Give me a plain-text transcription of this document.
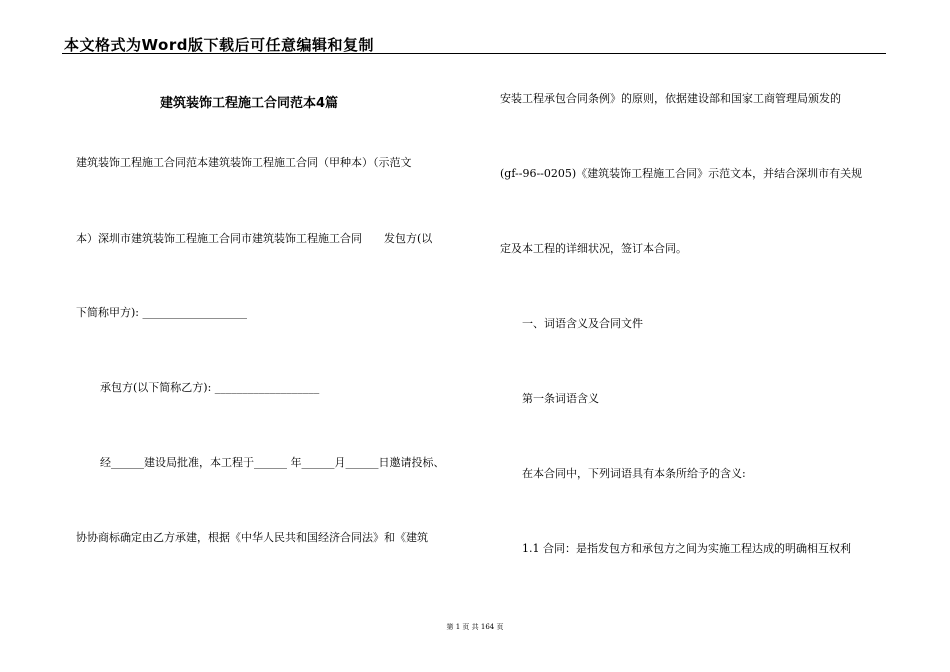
本文格式为Word版下载后可任意编辑和复制
建筑装饰工程施工合同范本4篇
建筑装饰工程施工合同范本建筑装饰工程施工合同（甲种本）（示范文
本）深圳市建筑装饰工程施工合同市建筑装饰工程施工合同　　发包方(以
下简称甲方): ___________________
承包方(以下简称乙方): ___________________
经______建设局批准，本工程于______ 年______月______日邀请投标、
协协商标确定由乙方承建，根据《中华人民共和国经济合同法》和《建筑
安装工程承包合同条例》的原则，依据建设部和国家工商管理局颁发的
(gf--96--0205)《建筑装饰工程施工合同》示范文本，并结合深圳市有关规
定及本工程的详细状况，签订本合同。
一、词语含义及合同文件
第一条词语含义
在本合同中，下列词语具有本条所给予的含义:
1.1 合同：是指发包方和承包方之间为实施工程达成的明确相互权利
第 1 页 共 164 页
